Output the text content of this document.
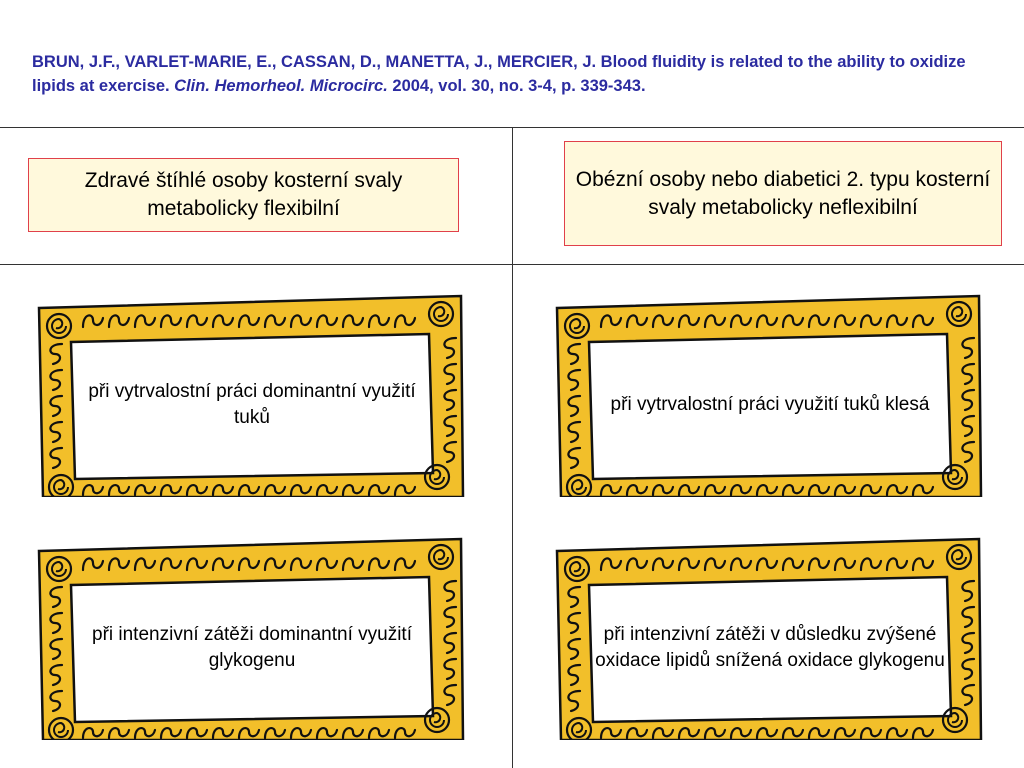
BRUN, J.F., VARLET-MARIE, E., CASSAN, D., MANETTA, J., MERCIER, J. Blood fluidity is related to the ability to oxidize lipids at exercise. Clin. Hemorheol. Microcirc. 2004, vol. 30, no. 3-4, p. 339-343.

Zdravé štíhlé osoby kosterní svaly metabolicky flexibilní
Obézní osoby nebo diabetici 2. typu kosterní svaly metabolicky neflexibilní
při vytrvalostní práci dominantní využití tuků
při vytrvalostní práci využití tuků klesá
při intenzivní zátěži dominantní využití glykogenu
při intenzivní zátěži v důsledku zvýšené oxidace lipidů snížená oxidace glykogenu
